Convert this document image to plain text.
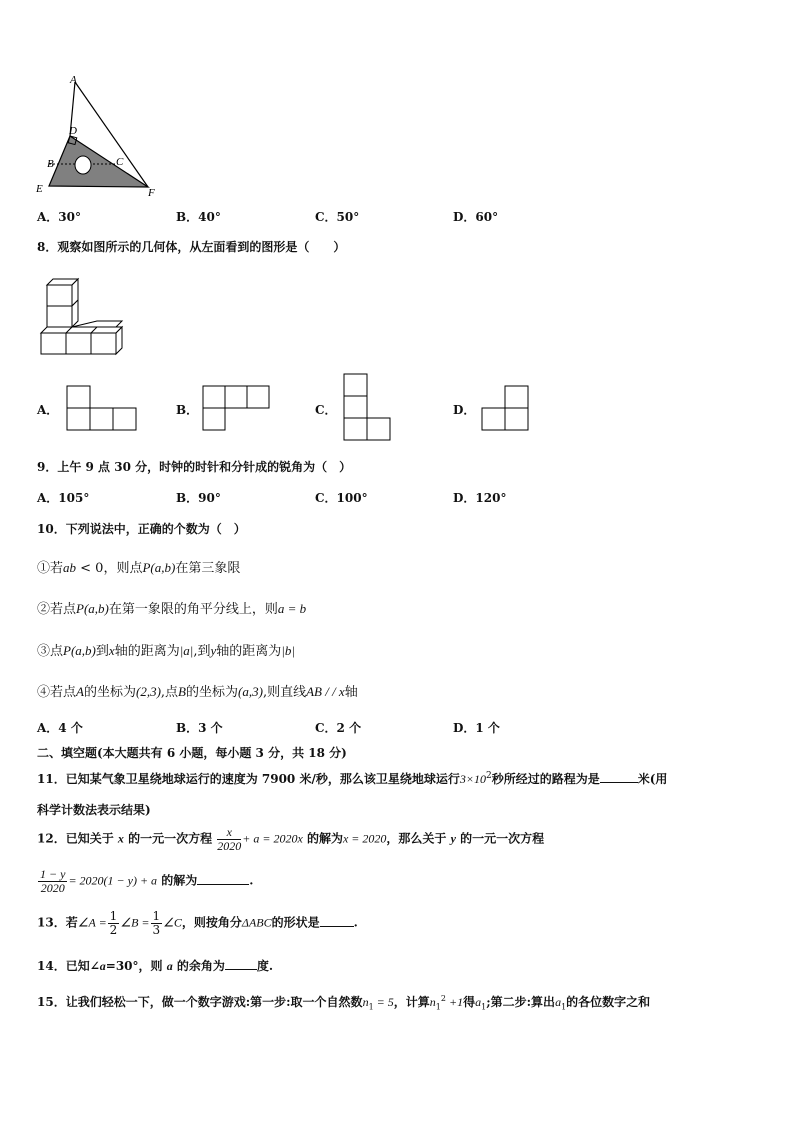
A
D
B	C
E	F
A．30°	B．40°	C．50°	D．60°
8．观察如图所示的几何体，从左面看到的图形是（　　）
A．	B．	C．	D．
9．上午 9 点 30 分，时钟的时针和分针成的锐角为（　）
A．105°	B．90°	C．100°	D．120°
10．下列说法中，正确的个数为（　）
①若ab < 0，则点P(a,b)在第三象限
②若点P(a,b)在第一象限的角平分线上，则a = b
③点P(a,b)到x轴的距离为|a|,到y轴的距离为|b|
④若点A的坐标为(2,3),点B的坐标为(a,3),则直线AB / / x轴
A．4 个	B．3 个	C．2 个	D．1 个
二、填空题(本大题共有 6 小题，每小题 3 分，共 18 分)
11．已知某气象卫星绕地球运行的速度为 7900 米/秒，那么该卫星绕地球运行$3\times 10^2$秒所经过的路程为是	米(用
科学计数法表示结果)
12．已知关于 x 的一元一次方程 $\frac{x}{2020} + a = 2020x$ 的解为x = 2020，那么关于 y 的一元一次方程
$\frac{1 - y}{2020} = 2020(1 - y) + a$ 的解为	.
13．若∠A = $\frac{1}{2}$ ∠B = $\frac{1}{3}$ ∠C，则按角分ΔABC的形状是	.
14．已知∠a=30°，则 a 的余角为	度.
15．让我们轻松一下，做一个数字游戏:第一步:取一个自然数$n_1 = 5$，计算$n_1^2 +1$得$a_1$;第二步:算出$a_1$的各位数字之和
